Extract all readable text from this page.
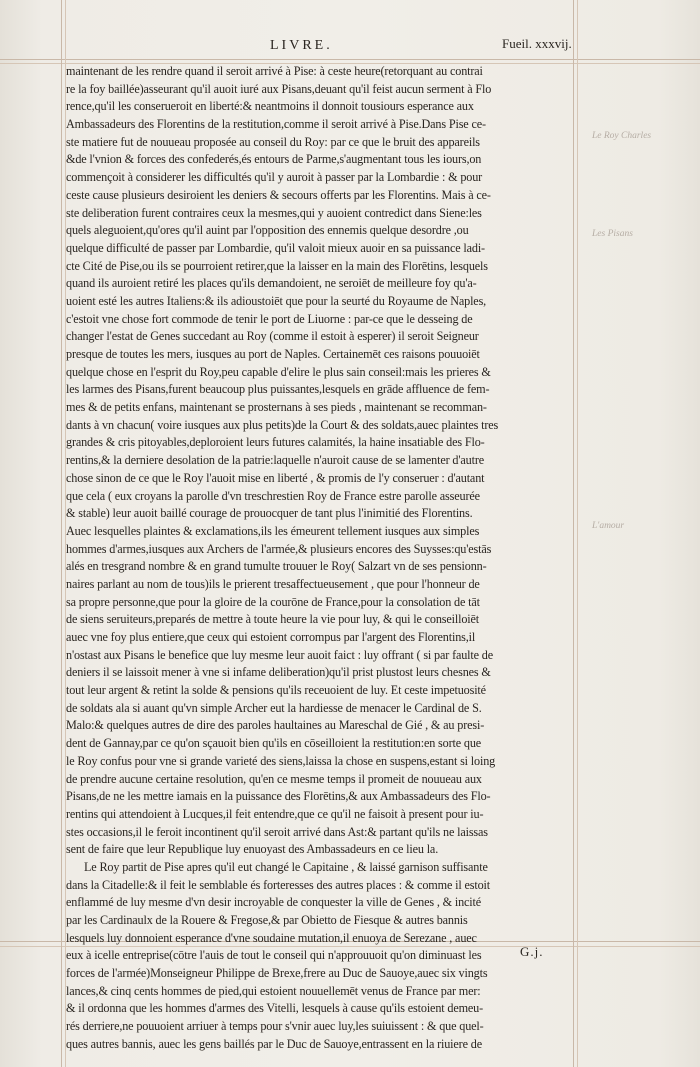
LIVRE.	Fueil. xxxvij.
maintenant de les rendre quand il seroit arrivé à Pise: à ceste heure(retorquant au contrai
re la foy baillée)asseurant qu'il auoit iuré aux Pisans,deuant qu'il feist aucun serment à Flo
rence,qu'il les conserueroit en liberté:& neantmoins il donnoit tousiours esperance aux
Ambassadeurs des Florentins de la restitution,comme il seroit arrivé à Pise.Dans Pise ce-
ste matiere fut de nouueau proposée au conseil du Roy: par ce que le bruit des appareils
&de l'vnion & forces des confederés,és entours de Parme,s'augmentant tous les iours,on
commençoit à considerer les difficultés qu'il y auroit à passer par la Lombardie : & pour
ceste cause plusieurs desiroient les deniers & secours offerts par les Florentins. Mais à ce-
ste deliberation furent contraires ceux la mesmes,qui y auoient contredict dans Siene:les
quels aleguoient,qu'ores qu'il auint par l'opposition des ennemis quelque desordre ,ou
quelque difficulté de passer par Lombardie, qu'il valoit mieux auoir en sa puissance ladi-
cte Cité de Pise,ou ils se pourroient retirer,que la laisser en la main des Florētins, lesquels
quand ils auroient retiré les places qu'ils demandoient, ne seroiēt de meilleure foy qu'a-
uoient esté les autres Italiens:& ils adioustoiēt que pour la seurté du Royaume de Naples,
c'estoit vne chose fort commode de tenir le port de Liuorne : par-ce que le desseing de
changer l'estat de Genes succedant au Roy (comme il estoit à esperer) il seroit Seigneur
presque de toutes les mers, iusques au port de Naples. Certainemēt ces raisons pouuoiēt
quelque chose en l'esprit du Roy,peu capable d'elire le plus sain conseil:mais les prieres &
les larmes des Pisans,furent beaucoup plus puissantes,lesquels en grāde affluence de fem-
mes & de petits enfans, maintenant se prosternans à ses pieds , maintenant se recomman-
dants à vn chacun( voire iusques aux plus petits)de la Court & des soldats,auec plaintes tres
grandes & cris pitoyables,deploroient leurs futures calamités, la haine insatiable des Flo-
rentins,& la derniere desolation de la patrie:laquelle n'auroit cause de se lamenter d'autre
chose sinon de ce que le Roy l'auoit mise en liberté , & promis de l'y conseruer : d'autant
que cela ( eux croyans la parolle d'vn treschrestien Roy de France estre parolle asseurée
& stable) leur auoit baillé courage de prouocquer de tant plus l'inimitié des Florentins.
Auec lesquelles plaintes & exclamations,ils les émeurent tellement iusques aux simples
hommes d'armes,iusques aux Archers de l'armée,& plusieurs encores des Suysses:qu'estās
alés en tresgrand nombre & en grand tumulte trouuer le Roy( Salzart vn de ses pensionn-
naires parlant au nom de tous)ils le prierent tresaffectueusement , que pour l'honneur de
sa propre personne,que pour la gloire de la courōne de France,pour la consolation de tāt
de siens seruiteurs,preparés de mettre à toute heure la vie pour luy, & qui le conseilloiēt
auec vne foy plus entiere,que ceux qui estoient corrompus par l'argent des Florentins,il
n'ostast aux Pisans le benefice que luy mesme leur auoit faict : luy offrant ( si par faulte de
deniers il se laissoit mener à vne si infame deliberation)qu'il prist plustost leurs chesnes &
tout leur argent & retint la solde & pensions qu'ils receuoient de luy. Et ceste impetuosité
de soldats ala si auant qu'vn simple Archer eut la hardiesse de menacer le Cardinal de S.
Malo:& quelques autres de dire des paroles haultaines au Mareschal de Gié , & au presi-
dent de Gannay,par ce qu'on sçauoit bien qu'ils en cōseilloient la restitution:en sorte que
le Roy confus pour vne si grande varieté des siens,laissa la chose en suspens,estant si loing
de prendre aucune certaine resolution, qu'en ce mesme temps il promeit de nouueau aux
Pisans,de ne les mettre iamais en la puissance des Florētins,& aux Ambassadeurs des Flo-
rentins qui attendoient à Lucques,il feit entendre,que ce qu'il ne faisoit à present pour iu-
stes occasions,il le feroit incontinent qu'il seroit arrivé dans Ast:& partant qu'ils ne laissas
sent de faire que leur Republique luy enuoyast des Ambassadeurs en ce lieu la.
Le Roy partit de Pise apres qu'il eut changé le Capitaine , & laissé garnison suffisante
dans la Citadelle:& il feit le semblable és forteresses des autres places : & comme il estoit
enflammé de luy mesme d'vn desir incroyable de conquester la ville de Genes , & incité
par les Cardinaulx de la Rouere & Fregose,& par Obietto de Fiesque & autres bannis
lesquels luy donnoient esperance d'vne soudaine mutation,il enuoya de Serezane , auec
eux à icelle entreprise(cōtre l'auis de tout le conseil qui n'approuuoit qu'on diminuast les
forces de l'armée)Monseigneur Philippe de Brexe,frere au Duc de Sauoye,auec six vingts
lances,& cinq cents hommes de pied,qui estoient nouuellemēt venus de France par mer:
& il ordonna que les hommes d'armes des Vitelli, lesquels à cause qu'ils estoient demeu-
rés derriere,ne pouuoient arriuer à temps pour s'vnir auec luy,les suiuissent : & que quel-
ques autres bannis, auec les gens baillés par le Duc de Sauoye,entrassent en la riuiere de
Le Roy Charles
Les Pisans
L'amour
G.j.
